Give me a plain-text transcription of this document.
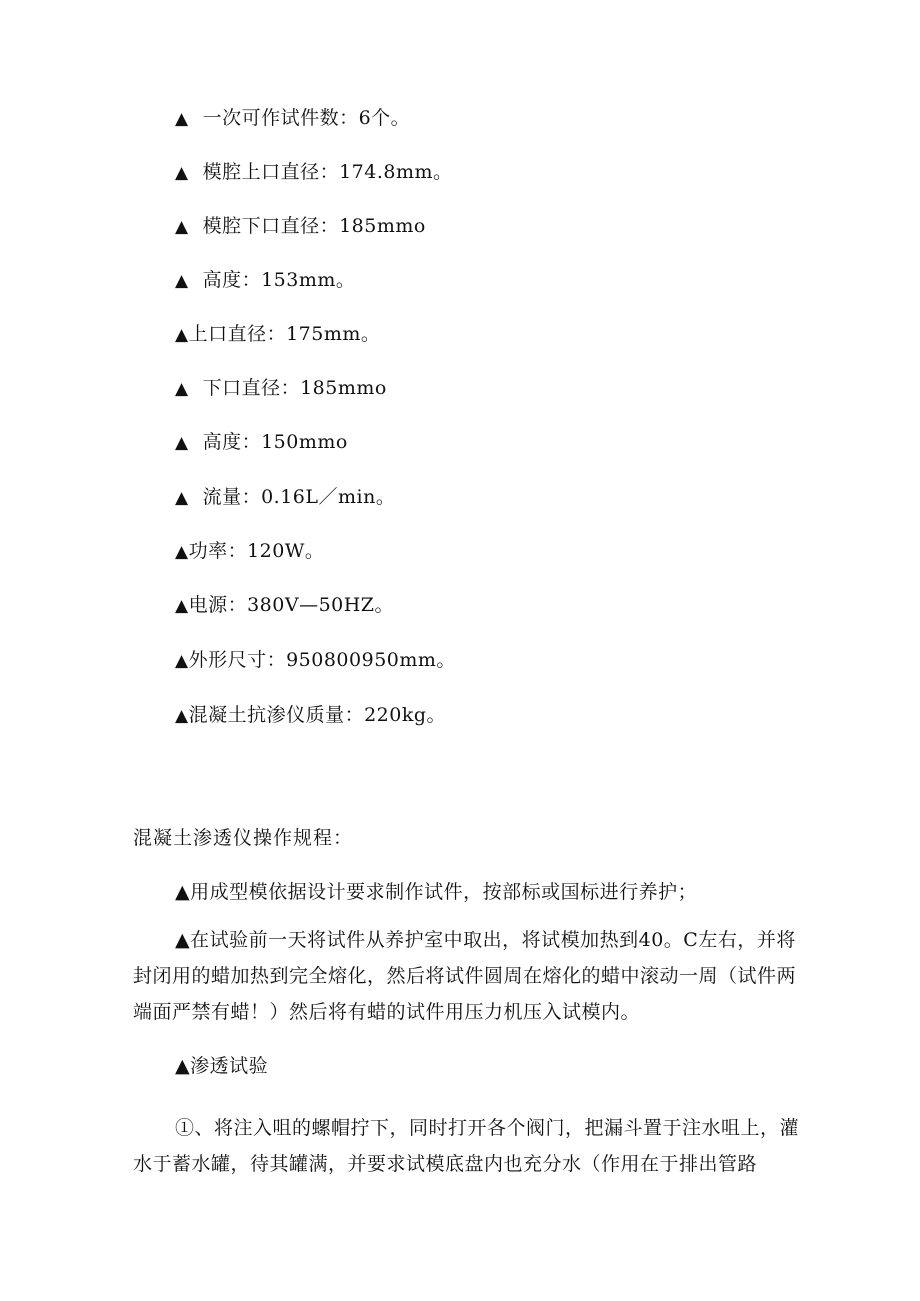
▲ 一次可作试件数：6个。
▲ 模腔上口直径：174.8mm。
▲ 模腔下口直径：185mmo
▲ 高度：153mm。
▲上口直径：175mm。
▲ 下口直径：185mmo
▲ 高度：150mmo
▲ 流量：0.16L／min。
▲功率：120W。
▲电源：380V—50HZ。
▲外形尺寸：950800950mm。
▲混凝土抗渗仪质量：220kg。
混凝土渗透仪操作规程：
▲用成型模依据设计要求制作试件，按部标或国标进行养护；
▲在试验前一天将试件从养护室中取出，将试模加热到40。C左右，并将封闭用的蜡加热到完全熔化，然后将试件圆周在熔化的蜡中滚动一周（试件两端面严禁有蜡！）然后将有蜡的试件用压力机压入试模内。
▲渗透试验
①、将注入咀的螺帽拧下，同时打开各个阀门，把漏斗置于注水咀上，灌水于蓄水罐，待其罐满，并要求试模底盘内也充分水（作用在于排出管路
